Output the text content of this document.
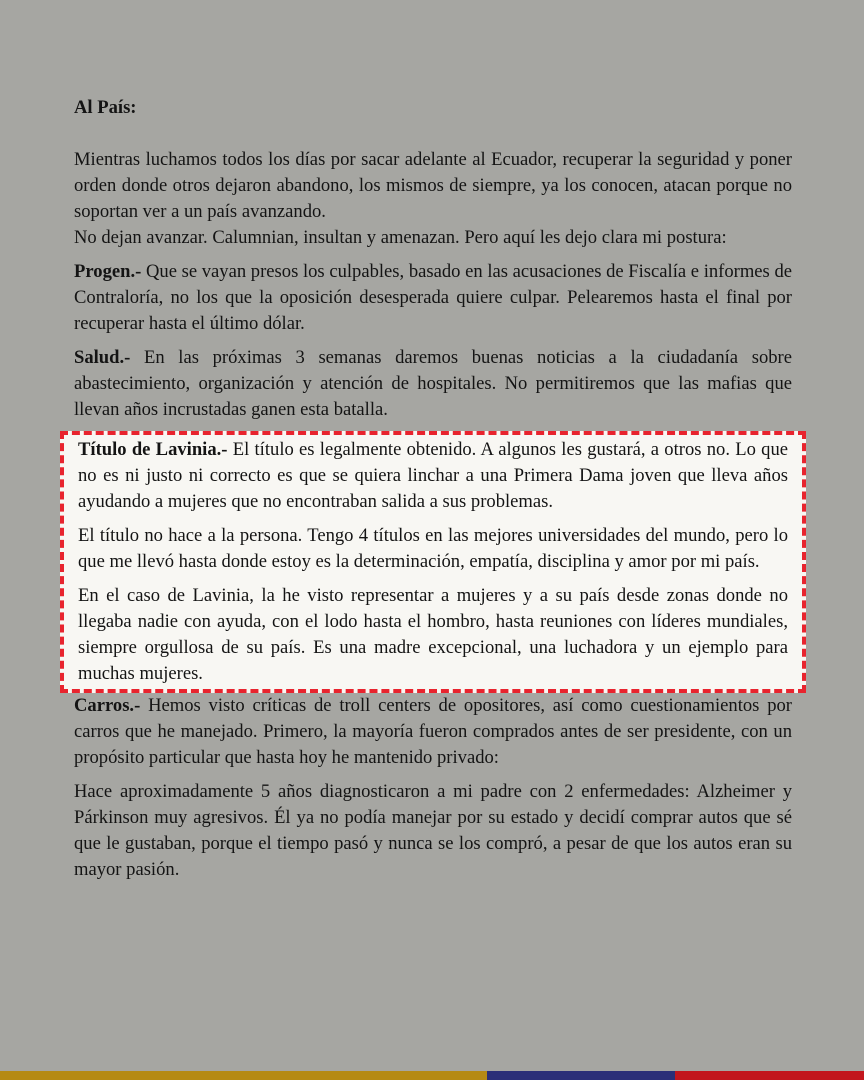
Al País:

Mientras luchamos todos los días por sacar adelante al Ecuador, recuperar la seguridad y poner orden donde otros dejaron abandono, los mismos de siempre, ya los conocen, atacan porque no soportan ver a un país avanzando.

No dejan avanzar. Calumnian, insultan y amenazan. Pero aquí les dejo clara mi postura:

Progen.- Que se vayan presos los culpables, basado en las acusaciones de Fiscalía e informes de Contraloría, no los que la oposición desesperada quiere culpar. Pelearemos hasta el final por recuperar hasta el último dólar.

Salud.- En las próximas 3 semanas daremos buenas noticias a la ciudadanía sobre abastecimiento, organización y atención de hospitales. No permitiremos que las mafias que llevan años incrustadas ganen esta batalla.

Título de Lavinia.- El título es legalmente obtenido. A algunos les gustará, a otros no. Lo que no es ni justo ni correcto es que se quiera linchar a una Primera Dama joven que lleva años ayudando a mujeres que no encontraban salida a sus problemas.

El título no hace a la persona. Tengo 4 títulos en las mejores universidades del mundo, pero lo que me llevó hasta donde estoy es la determinación, empatía, disciplina y amor por mi país.

En el caso de Lavinia, la he visto representar a mujeres y a su país desde zonas donde no llegaba nadie con ayuda, con el lodo hasta el hombro, hasta reuniones con líderes mundiales, siempre orgullosa de su país. Es una madre excepcional, una luchadora y un ejemplo para muchas mujeres.

Carros.- Hemos visto críticas de troll centers de opositores, así como cuestionamientos por carros que he manejado. Primero, la mayoría fueron comprados antes de ser presidente, con un propósito particular que hasta hoy he mantenido privado:

Hace aproximadamente 5 años diagnosticaron a mi padre con 2 enfermedades: Alzheimer y Párkinson muy agresivos. Él ya no podía manejar por su estado y decidí comprar autos que sé que le gustaban, porque el tiempo pasó y nunca se los compró, a pesar de que los autos eran su mayor pasión.
